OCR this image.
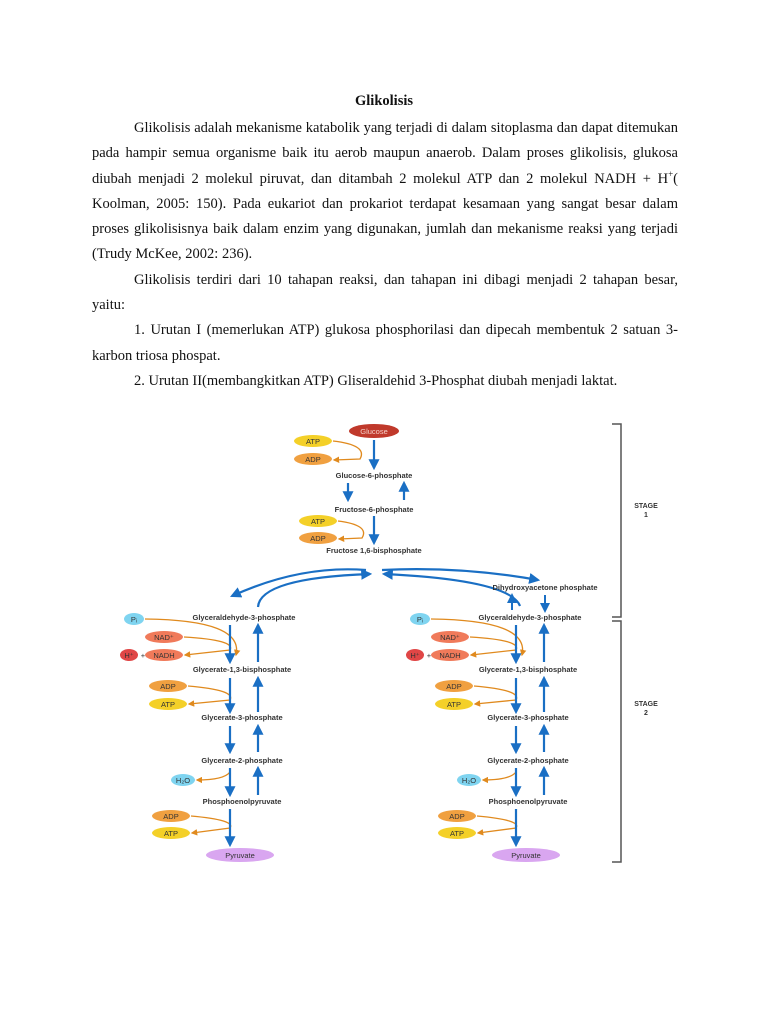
Glikolisis

Glikolisis adalah mekanisme katabolik yang terjadi di dalam sitoplasma dan dapat ditemukan pada hampir semua organisme baik itu aerob maupun anaerob. Dalam proses glikolisis, glukosa diubah menjadi 2 molekul piruvat, dan ditambah 2 molekul ATP dan 2 molekul NADH + H+( Koolman, 2005: 150). Pada eukariot dan prokariot terdapat kesamaan yang sangat besar dalam proses glikolisisnya baik dalam enzim yang digunakan, jumlah dan mekanisme reaksi yang terjadi (Trudy McKee, 2002: 236).

Glikolisis terdiri dari 10 tahapan reaksi, dan tahapan ini dibagi menjadi 2 tahapan besar, yaitu:

1. Urutan I (memerlukan ATP) glukosa phosphorilasi dan dipecah membentuk 2 satuan 3-karbon triosa phospat.

2. Urutan II(membangkitkan ATP) Gliseraldehid 3-Phosphat diubah menjadi laktat.

Glucose
ATP
ADP
Glucose-6-phosphate
Fructose-6-phosphate
ATP
ADP
Fructose 1,6-bisphosphate
Dihydroxyacetone phosphate
Glyceraldehyde-3-phosphate
Pᵢ
NAD⁺
NADH
H⁺ +
Glycerate-1,3-bisphosphate
ADP
ATP
Glycerate-3-phosphate
Glycerate-2-phosphate
H₂O
Phosphoenolpyruvate
ADP
ATP
Pyruvate
Glyceraldehyde-3-phosphate
Pᵢ
NAD⁺
NADH
H⁺ +
Glycerate-1,3-bisphosphate
ADP
ATP
Glycerate-3-phosphate
Glycerate-2-phosphate
H₂O
Phosphoenolpyruvate
ADP
ATP
Pyruvate
STAGE
1
STAGE
2
